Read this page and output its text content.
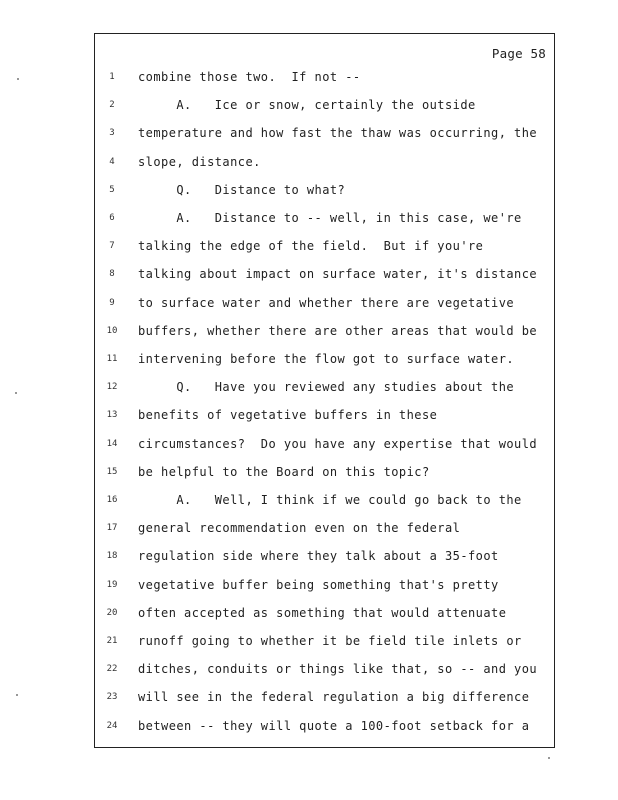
Page 58
1	combine those two.  If not --
2	A.   Ice or snow, certainly the outside
3	temperature and how fast the thaw was occurring, the
4	slope, distance.
5	Q.   Distance to what?
6	A.   Distance to -- well, in this case, we're
7	talking the edge of the field.  But if you're
8	talking about impact on surface water, it's distance
9	to surface water and whether there are vegetative
10	buffers, whether there are other areas that would be
11	intervening before the flow got to surface water.
12	Q.   Have you reviewed any studies about the
13	benefits of vegetative buffers in these
14	circumstances?  Do you have any expertise that would
15	be helpful to the Board on this topic?
16	A.   Well, I think if we could go back to the
17	general recommendation even on the federal
18	regulation side where they talk about a 35-foot
19	vegetative buffer being something that's pretty
20	often accepted as something that would attenuate
21	runoff going to whether it be field tile inlets or
22	ditches, conduits or things like that, so -- and you
23	will see in the federal regulation a big difference
24	between -- they will quote a 100-foot setback for a
